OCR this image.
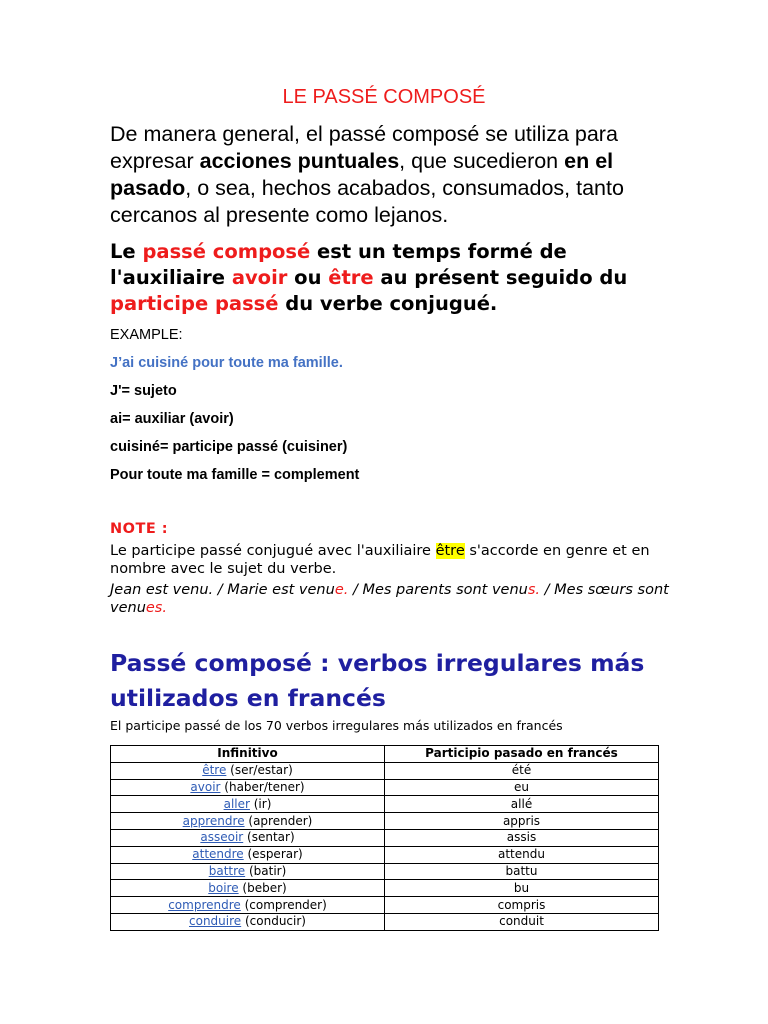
LE PASSÉ COMPOSÉ
De manera general, el passé composé se utiliza para expresar acciones puntuales, que sucedieron en el pasado, o sea, hechos acabados, consumados, tanto cercanos al presente como lejanos.
Le passé composé est un temps formé de l'auxiliaire avoir ou être au présent seguido du participe passé du verbe conjugué.
EXAMPLE:
J’ai cuisiné pour toute ma famille.
J'= sujeto
ai= auxiliar (avoir)
cuisiné= participe passé (cuisiner)
Pour toute ma famille = complement
NOTE :
Le participe passé conjugué avec l'auxiliaire être s'accorde en genre et en nombre avec le sujet du verbe.
Jean est venu. / Marie est venue. / Mes parents sont venus. / Mes sœurs sont venues.
Passé composé : verbos irregulares más utilizados en francés
El participe passé de los 70 verbos irregulares más utilizados en francés
Infinitivo	Participio pasado en francés
être (ser/estar)	été
avoir (haber/tener)	eu
aller (ir)	allé
apprendre (aprender)	appris
asseoir (sentar)	assis
attendre (esperar)	attendu
battre (batir)	battu
boire (beber)	bu
comprendre (comprender)	compris
conduire (conducir)	conduit
